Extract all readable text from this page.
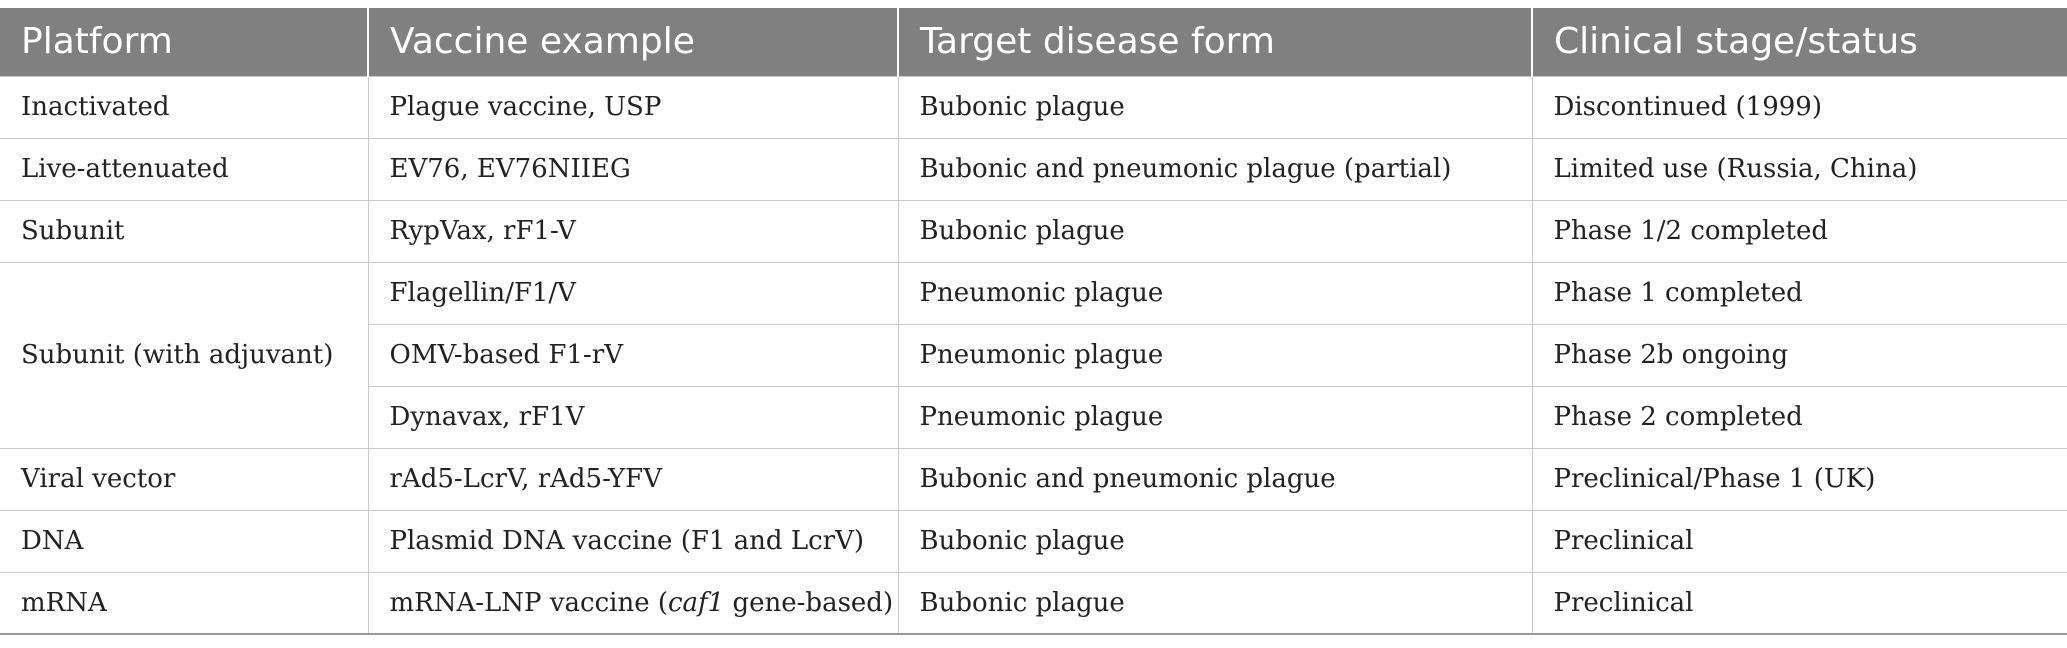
Platform	Vaccine example	Target disease form	Clinical stage/status
Inactivated	Plague vaccine, USP	Bubonic plague	Discontinued (1999)
Live-attenuated	EV76, EV76NIIEG	Bubonic and pneumonic plague (partial)	Limited use (Russia, China)
Subunit	RypVax, rF1-V	Bubonic plague	Phase 1/2 completed
Subunit (with adjuvant)	Flagellin/F1/V	Pneumonic plague	Phase 1 completed
	OMV-based F1-rV	Pneumonic plague	Phase 2b ongoing
	Dynavax, rF1V	Pneumonic plague	Phase 2 completed
Viral vector	rAd5-LcrV, rAd5-YFV	Bubonic and pneumonic plague	Preclinical/Phase 1 (UK)
DNA	Plasmid DNA vaccine (F1 and LcrV)	Bubonic plague	Preclinical
mRNA	mRNA-LNP vaccine (caf1 gene-based)	Bubonic plague	Preclinical
